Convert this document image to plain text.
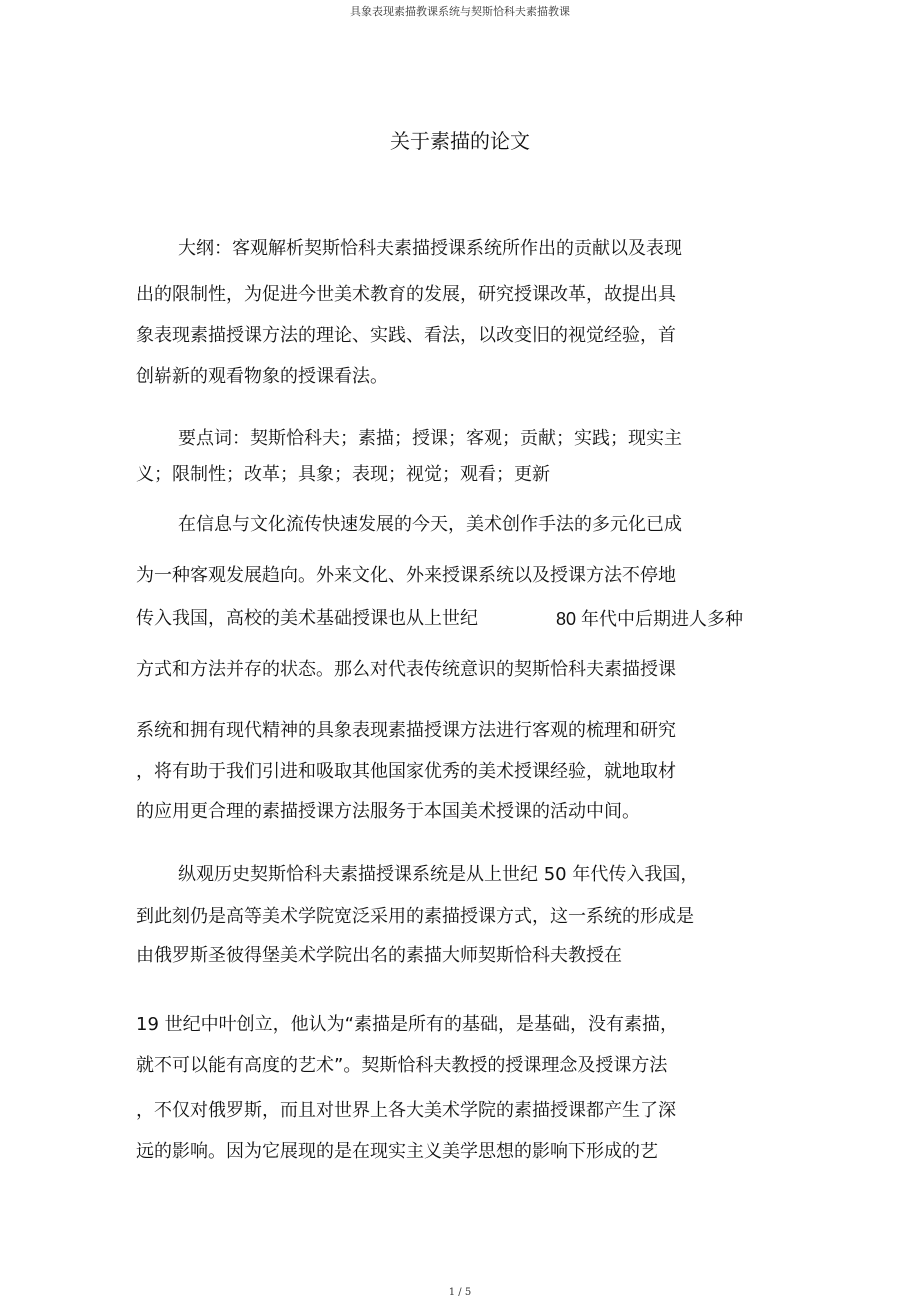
具象表现素描教课系统与契斯恰科夫素描教课
关于素描的论文
大纲：客观解析契斯恰科夫素描授课系统所作出的贡献以及表现
出的限制性，为促进今世美术教育的发展，研究授课改革，故提出具
象表现素描授课方法的理论、实践、看法，以改变旧的视觉经验，首
创崭新的观看物象的授课看法。
要点词：契斯恰科夫；素描；授课；客观；贡献；实践；现实主
义；限制性；改革；具象；表现；视觉；观看；更新
在信息与文化流传快速发展的今天，美术创作手法的多元化已成
为一种客观发展趋向。外来文化、外来授课系统以及授课方法不停地
传入我国，高校的美术基础授课也从上世纪	80 年代中后期进人多种
方式和方法并存的状态。那么对代表传统意识的契斯恰科夫素描授课
系统和拥有现代精神的具象表现素描授课方法进行客观的梳理和研究
，将有助于我们引进和吸取其他国家优秀的美术授课经验，就地取材
的应用更合理的素描授课方法服务于本国美术授课的活动中间。
纵观历史契斯恰科夫素描授课系统是从上世纪 50 年代传入我国，
到此刻仍是高等美术学院宽泛采用的素描授课方式，这一系统的形成是
由俄罗斯圣彼得堡美术学院出名的素描大师契斯恰科夫教授在
19 世纪中叶创立，他认为“素描是所有的基础，是基础，没有素描，
就不可以能有高度的艺术”。契斯恰科夫教授的授课理念及授课方法
，不仅对俄罗斯，而且对世界上各大美术学院的素描授课都产生了深
远的影响。因为它展现的是在现实主义美学思想的影响下形成的艺
1 / 5
